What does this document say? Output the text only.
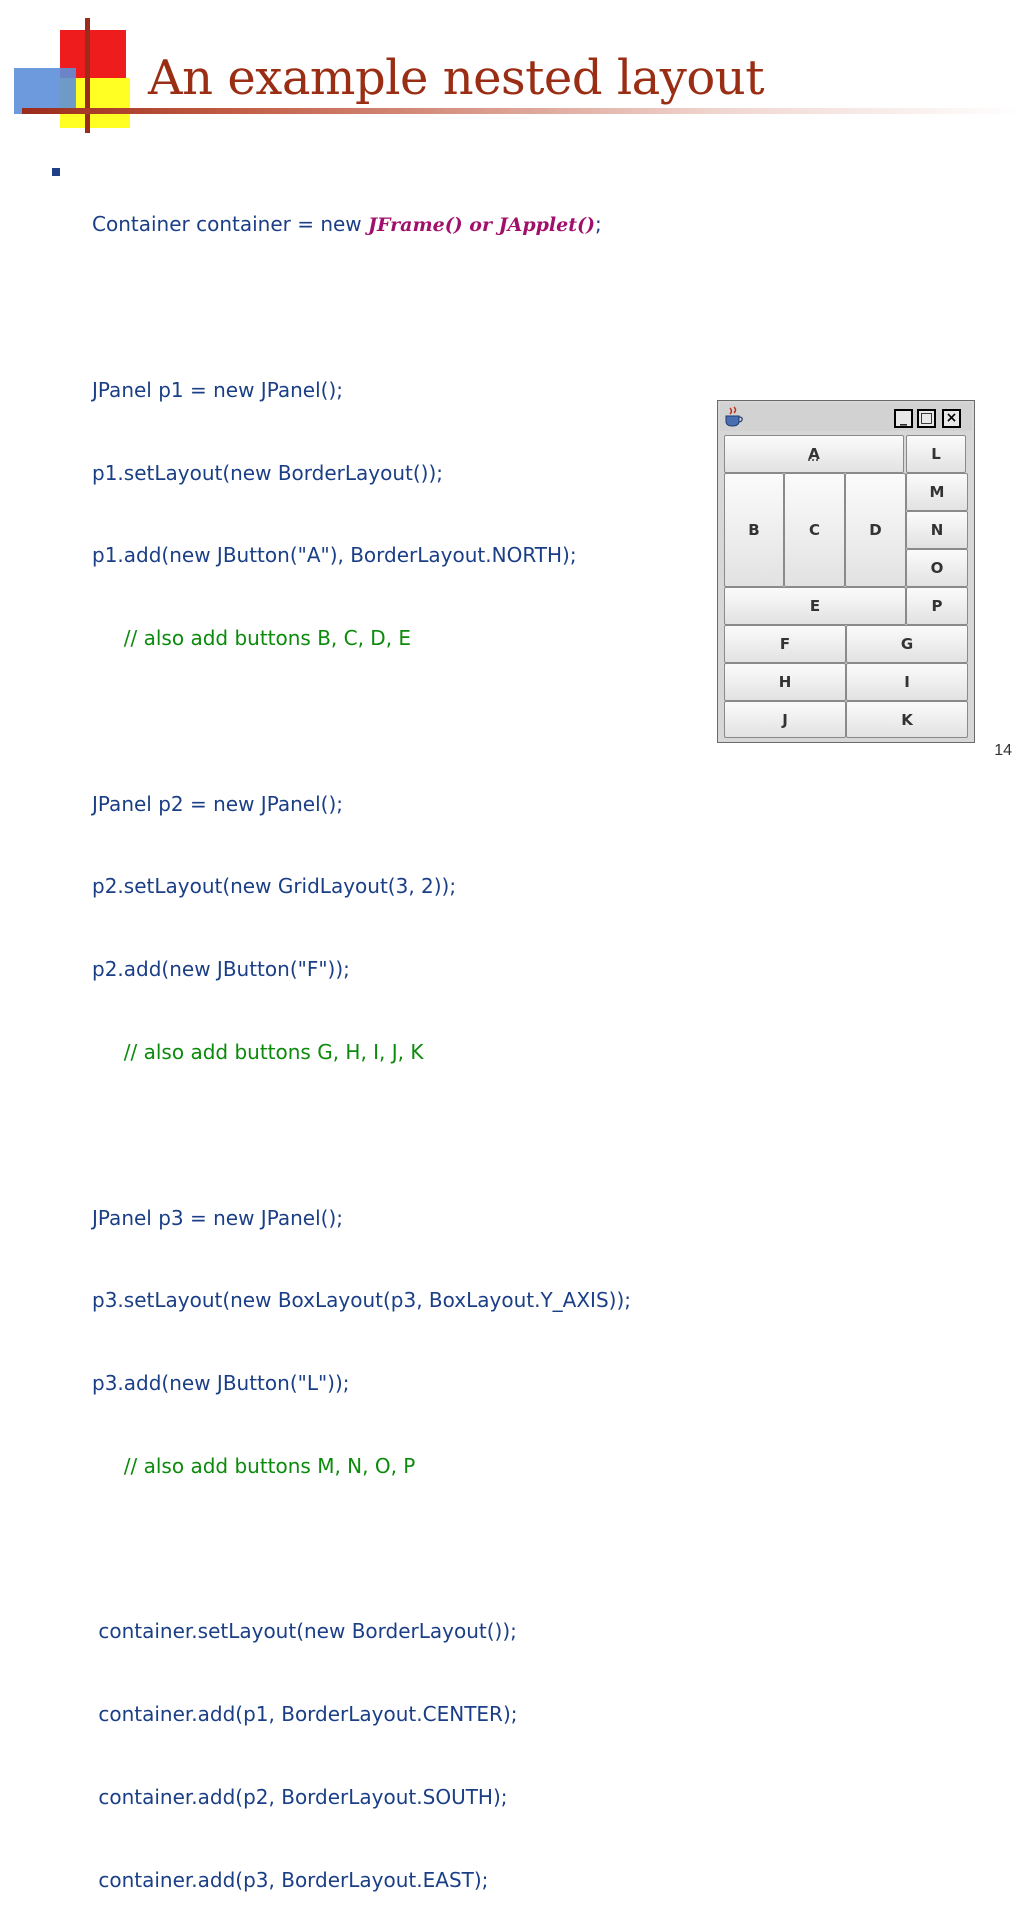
An example nested layout

Container container = new JFrame() or JApplet();

JPanel p1 = new JPanel();

p1.setLayout(new BorderLayout());

p1.add(new JButton("A"), BorderLayout.NORTH);

// also add buttons B, C, D, E

JPanel p2 = new JPanel();

p2.setLayout(new GridLayout(3, 2));

p2.add(new JButton("F"));

// also add buttons G, H, I, J, K

JPanel p3 = new JPanel();

p3.setLayout(new BoxLayout(p3, BoxLayout.Y_AXIS));

p3.add(new JButton("L"));

// also add buttons M, N, O, P

container.setLayout(new BorderLayout());

container.add(p1, BorderLayout.CENTER);

container.add(p2, BorderLayout.SOUTH);

container.add(p3, BorderLayout.EAST);

_ □ ×
A
B	C	D
E
L
M
N
O
P
F	G
H	I
J	K
14
